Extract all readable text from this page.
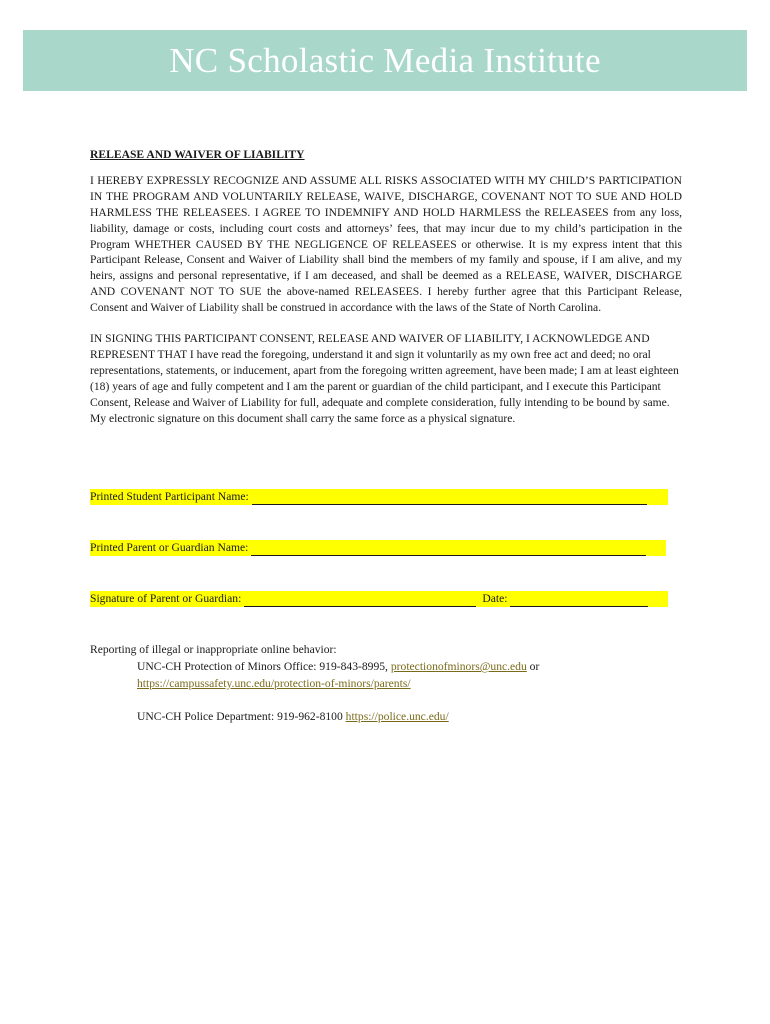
NC Scholastic Media Institute

RELEASE AND WAIVER OF LIABILITY

I HEREBY EXPRESSLY RECOGNIZE AND ASSUME ALL RISKS ASSOCIATED WITH MY CHILD’S PARTICIPATION IN THE PROGRAM AND VOLUNTARILY RELEASE, WAIVE, DISCHARGE, COVENANT NOT TO SUE AND HOLD HARMLESS THE RELEASEES. I AGREE TO INDEMNIFY AND HOLD HARMLESS the RELEASEES from any loss, liability, damage or costs, including court costs and attorneys’ fees, that may incur due to my child’s participation in the Program WHETHER CAUSED BY THE NEGLIGENCE OF RELEASEES or otherwise. It is my express intent that this Participant Release, Consent and Waiver of Liability shall bind the members of my family and spouse, if I am alive, and my heirs, assigns and personal representative, if I am deceased, and shall be deemed as a RELEASE, WAIVER, DISCHARGE AND COVENANT NOT TO SUE the above-named RELEASEES. I hereby further agree that this Participant Release, Consent and Waiver of Liability shall be construed in accordance with the laws of the State of North Carolina.

IN SIGNING THIS PARTICIPANT CONSENT, RELEASE AND WAIVER OF LIABILITY, I ACKNOWLEDGE AND REPRESENT THAT I have read the foregoing, understand it and sign it voluntarily as my own free act and deed; no oral representations, statements, or inducement, apart from the foregoing written agreement, have been made; I am at least eighteen (18) years of age and fully competent and I am the parent or guardian of the child participant, and I execute this Participant Consent, Release and Waiver of Liability for full, adequate and complete consideration, fully intending to be bound by same. My electronic signature on this document shall carry the same force as a physical signature.

Printed Student Participant Name:
Printed Parent or Guardian Name:
Signature of Parent or Guardian:	Date:
Reporting of illegal or inappropriate online behavior:
UNC-CH Protection of Minors Office: 919-843-8995, protectionofminors@unc.edu or
https://campussafety.unc.edu/protection-of-minors/parents/
UNC-CH Police Department: 919-962-8100 https://police.unc.edu/
